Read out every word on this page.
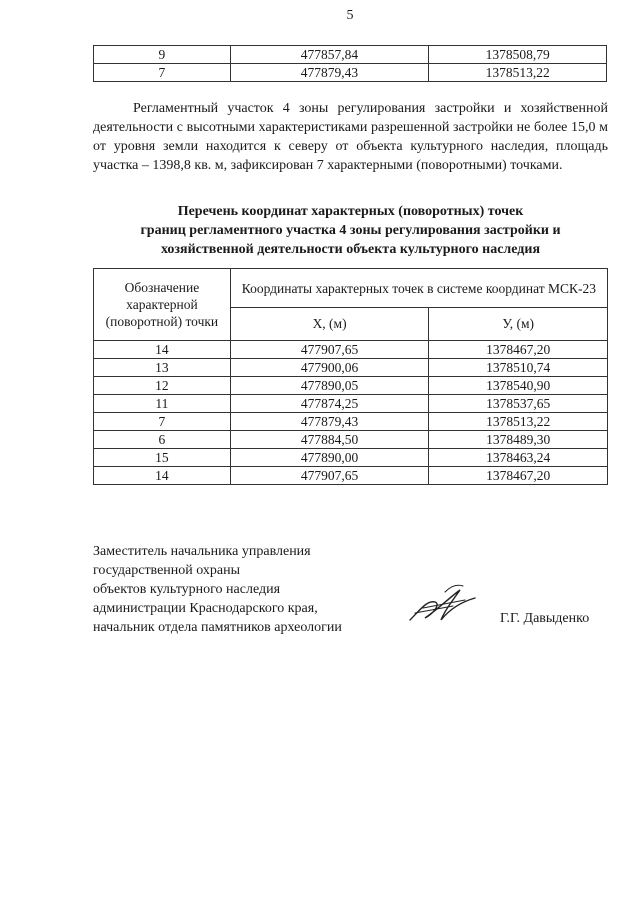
5
9	477857,84	1378508,79
7	477879,43	1378513,22
Регламентный участок 4 зоны регулирования застройки и хозяйственной деятельности с высотными характеристиками разрешенной застройки не более 15,0 м от уровня земли находится к северу от объекта культурного наследия, площадь участка – 1398,8 кв. м, зафиксирован 7 характерными (поворотными) точками.
Перечень координат характерных (поворотных) точек
границ регламентного участка 4 зоны регулирования застройки и
хозяйственной деятельности объекта культурного наследия
Обозначение характерной (поворотной) точки	Координаты характерных точек в системе координат МСК-23	
	Х, (м)	У, (м)
14	477907,65	1378467,20
13	477900,06	1378510,74
12	477890,05	1378540,90
11	477874,25	1378537,65
7	477879,43	1378513,22
6	477884,50	1378489,30
15	477890,00	1378463,24
14	477907,65	1378467,20
Заместитель начальника управления
государственной охраны
объектов культурного наследия
администрации Краснодарского края,
начальник отдела памятников археологии
Г.Г. Давыденко
